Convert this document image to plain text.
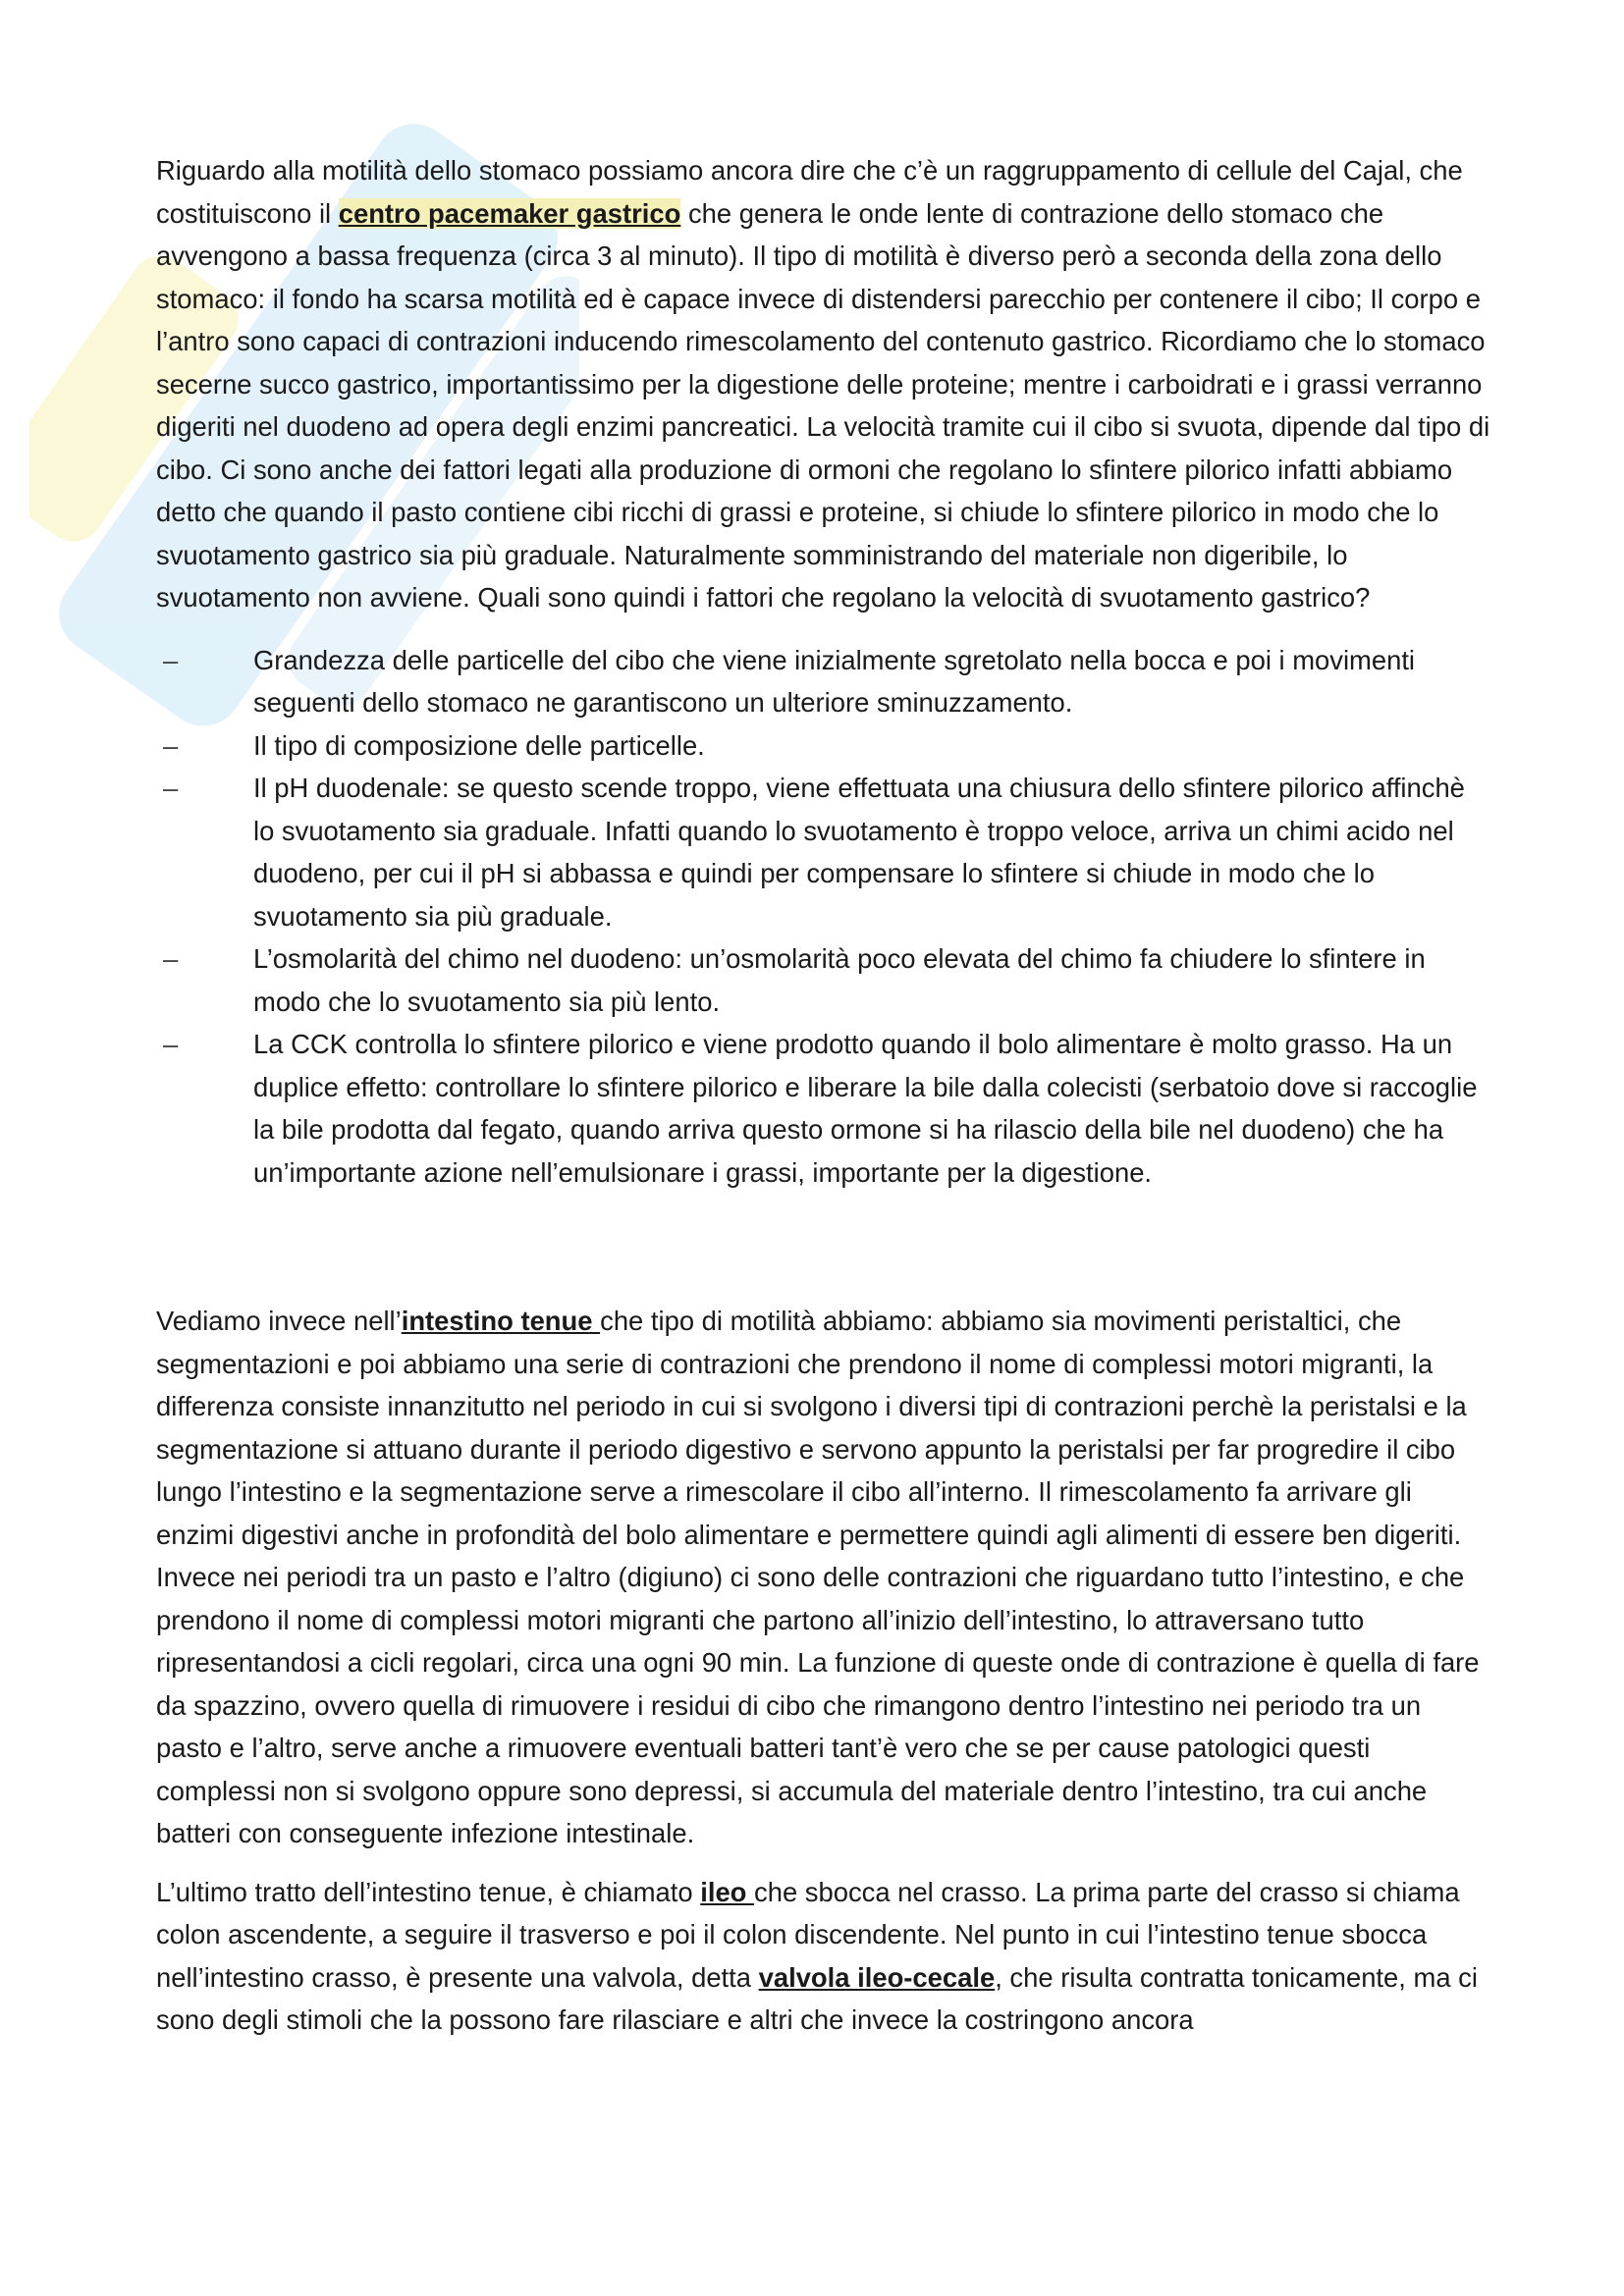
Riguardo alla motilità dello stomaco possiamo ancora dire che c’è un raggruppamento di cellule del Cajal, che costituiscono il centro pacemaker gastrico che genera le onde lente di contrazione dello stomaco che avvengono a bassa frequenza (circa 3 al minuto). Il tipo di motilità è diverso però a seconda della zona dello stomaco: il fondo ha scarsa motilità ed è capace invece di distendersi parecchio per contenere il cibo; Il corpo e l’antro sono capaci di contrazioni inducendo rimescolamento del contenuto gastrico. Ricordiamo che lo stomaco secerne succo gastrico, importantissimo per la digestione delle proteine; mentre i carboidrati e i grassi verranno digeriti nel duodeno ad opera degli enzimi pancreatici. La velocità tramite cui il cibo si svuota, dipende dal tipo di cibo. Ci sono anche dei fattori legati alla produzione di ormoni che regolano lo sfintere pilorico infatti abbiamo detto che quando il pasto contiene cibi ricchi di grassi e proteine, si chiude lo sfintere pilorico in modo che lo svuotamento gastrico sia più graduale. Naturalmente somministrando del materiale non digeribile, lo svuotamento non avviene. Quali sono quindi i fattori che regolano la velocità di svuotamento gastrico?

– Grandezza delle particelle del cibo che viene inizialmente sgretolato nella bocca e poi i movimenti seguenti dello stomaco ne garantiscono un ulteriore sminuzzamento.
– Il tipo di composizione delle particelle.
– Il pH duodenale: se questo scende troppo, viene effettuata una chiusura dello sfintere pilorico affinchè lo svuotamento sia graduale. Infatti quando lo svuotamento è troppo veloce, arriva un chimi acido nel duodeno, per cui il pH si abbassa e quindi per compensare lo sfintere si chiude in modo che lo svuotamento sia più graduale.
– L’osmolarità del chimo nel duodeno: un’osmolarità poco elevata del chimo fa chiudere lo sfintere in modo che lo svuotamento sia più lento.
– La CCK controlla lo sfintere pilorico e viene prodotto quando il bolo alimentare è molto grasso. Ha un duplice effetto: controllare lo sfintere pilorico e liberare la bile dalla colecisti (serbatoio dove si raccoglie la bile prodotta dal fegato, quando arriva questo ormone si ha rilascio della bile nel duodeno) che ha un’importante azione nell’emulsionare i grassi, importante per la digestione.

Vediamo invece nell’intestino tenue che tipo di motilità abbiamo: abbiamo sia movimenti peristaltici, che segmentazioni e poi abbiamo una serie di contrazioni che prendono il nome di complessi motori migranti, la differenza consiste innanzitutto nel periodo in cui si svolgono i diversi tipi di contrazioni perchè la peristalsi e la segmentazione si attuano durante il periodo digestivo e servono appunto la peristalsi per far progredire il cibo lungo l’intestino e la segmentazione serve a rimescolare il cibo all’interno. Il rimescolamento fa arrivare gli enzimi digestivi anche in profondità del bolo alimentare e permettere quindi agli alimenti di essere ben digeriti. Invece nei periodi tra un pasto e l’altro (digiuno) ci sono delle contrazioni che riguardano tutto l’intestino, e che prendono il nome di complessi motori migranti che partono all’inizio dell’intestino, lo attraversano tutto ripresentandosi a cicli regolari, circa una ogni 90 min. La funzione di queste onde di contrazione è quella di fare da spazzino, ovvero quella di rimuovere i residui di cibo che rimangono dentro l’intestino nei periodo tra un pasto e l’altro, serve anche a rimuovere eventuali batteri tant’è vero che se per cause patologici questi complessi non si svolgono oppure sono depressi, si accumula del materiale dentro l’intestino, tra cui anche batteri con conseguente infezione intestinale.

L’ultimo tratto dell’intestino tenue, è chiamato ileo che sbocca nel crasso. La prima parte del crasso si chiama colon ascendente, a seguire il trasverso e poi il colon discendente. Nel punto in cui l’intestino tenue sbocca nell’intestino crasso, è presente una valvola, detta valvola ileo-cecale, che risulta contratta tonicamente, ma ci sono degli stimoli che la possono fare rilasciare e altri che invece la costringono ancora
